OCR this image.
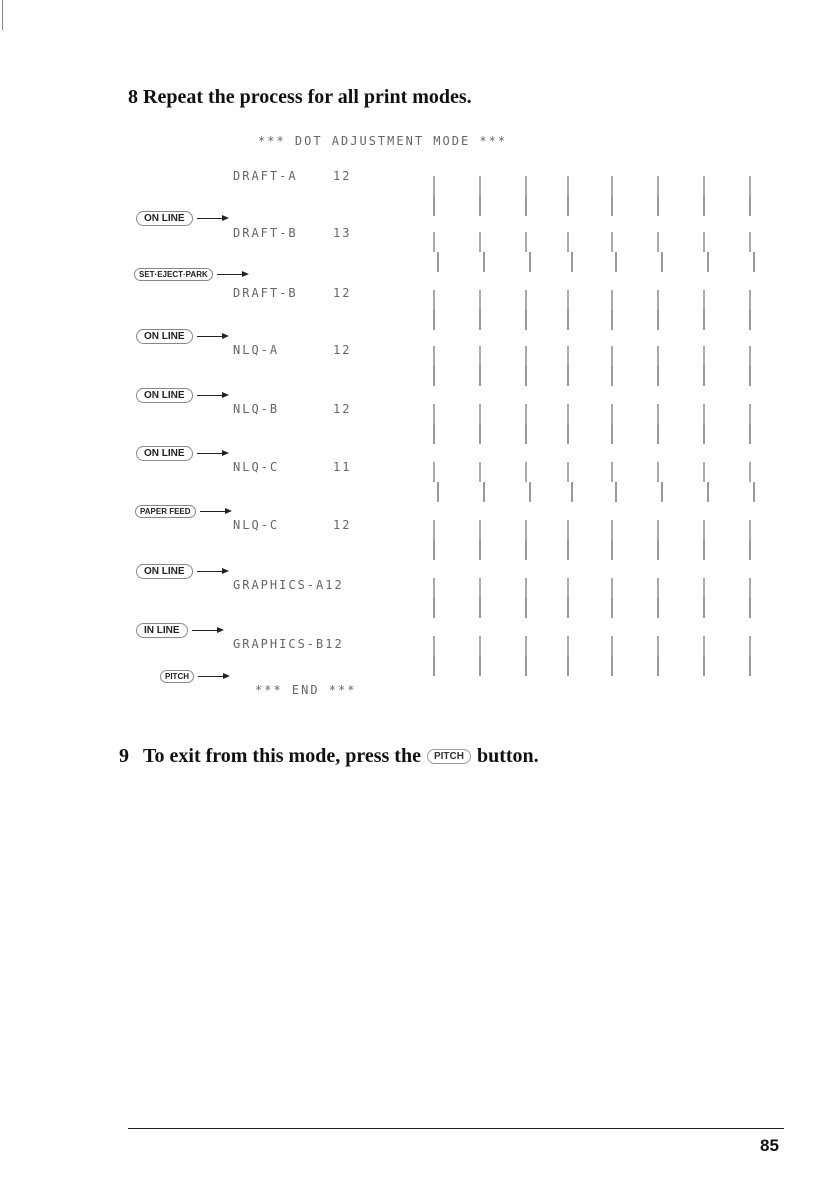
8 Repeat the process for all print modes.
*** DOT ADJUSTMENT MODE ***
DRAFT-A	12
ON LINE
DRAFT-B	13
SET·EJECT·PARK
DRAFT-B	12
ON LINE
NLQ-A	12
ON LINE
NLQ-B	12
ON LINE
NLQ-C	11
PAPER FEED
NLQ-C	12
ON LINE
GRAPHICS-A12
IN LINE
GRAPHICS-B12
PITCH
*** END ***
9 To exit from this mode, press the	PITCH button.
85
